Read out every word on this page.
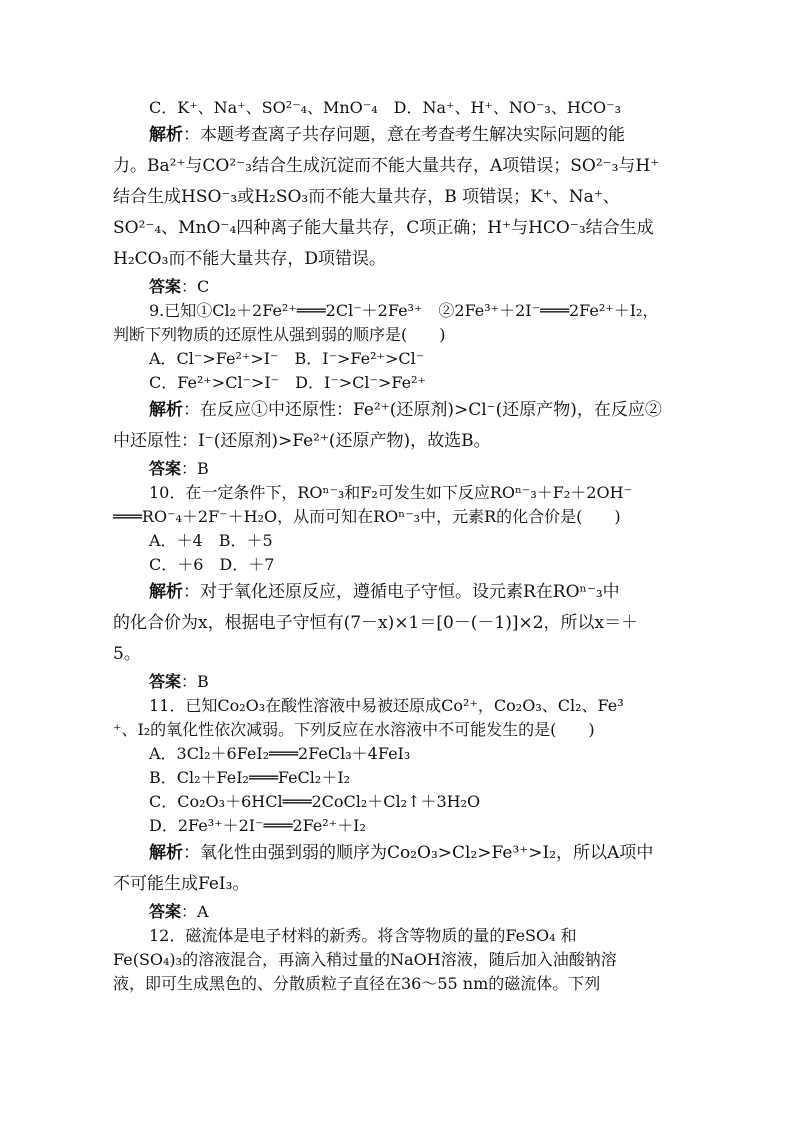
C．K⁺、Na⁺、SO²⁻₄、MnO⁻₄　D．Na⁺、H⁺、NO⁻₃、HCO⁻₃
解析：本题考查离子共存问题，意在考查考生解决实际问题的能
力。Ba²⁺与CO²⁻₃结合生成沉淀而不能大量共存，A项错误；SO²⁻₃与H⁺
结合生成HSO⁻₃或H₂SO₃而不能大量共存，B 项错误；K⁺、Na⁺、
SO²⁻₄、MnO⁻₄四种离子能大量共存，C项正确；H⁺与HCO⁻₃结合生成
H₂CO₃而不能大量共存，D项错误。
答案：C
9.已知①Cl₂＋2Fe²⁺═══2Cl⁻＋2Fe³⁺　②2Fe³⁺＋2I⁻═══2Fe²⁺＋I₂，
判断下列物质的还原性从强到弱的顺序是(　　)
A．Cl⁻>Fe²⁺>I⁻　B．I⁻>Fe²⁺>Cl⁻
C．Fe²⁺>Cl⁻>I⁻　D．I⁻>Cl⁻>Fe²⁺
解析：在反应①中还原性：Fe²⁺(还原剂)>Cl⁻(还原产物)，在反应②
中还原性：I⁻(还原剂)>Fe²⁺(还原产物)，故选B。
答案：B
10．在一定条件下，ROⁿ⁻₃和F₂可发生如下反应ROⁿ⁻₃＋F₂＋2OH⁻
═══RO⁻₄＋2F⁻＋H₂O，从而可知在ROⁿ⁻₃中，元素R的化合价是(　　)
A．＋4　B．＋5
C．＋6　D．＋7
解析：对于氧化还原反应，遵循电子守恒。设元素R在ROⁿ⁻₃中
的化合价为x，根据电子守恒有(7－x)×1＝[0－(－1)]×2，所以x＝＋
5。
答案：B
11．已知Co₂O₃在酸性溶液中易被还原成Co²⁺，Co₂O₃、Cl₂、Fe³
⁺、I₂的氧化性依次减弱。下列反应在水溶液中不可能发生的是(　　)
A．3Cl₂＋6FeI₂═══2FeCl₃＋4FeI₃
B．Cl₂＋FeI₂═══FeCl₂＋I₂
C．Co₂O₃＋6HCl═══2CoCl₂＋Cl₂↑＋3H₂O
D．2Fe³⁺＋2I⁻═══2Fe²⁺＋I₂
解析：氧化性由强到弱的顺序为Co₂O₃>Cl₂>Fe³⁺>I₂，所以A项中
不可能生成FeI₃。
答案：A
12．磁流体是电子材料的新秀。将含等物质的量的FeSO₄ 和
Fe(SO₄)₃的溶液混合，再滴入稍过量的NaOH溶液，随后加入油酸钠溶
液，即可生成黑色的、分散质粒子直径在36～55 nm的磁流体。下列
